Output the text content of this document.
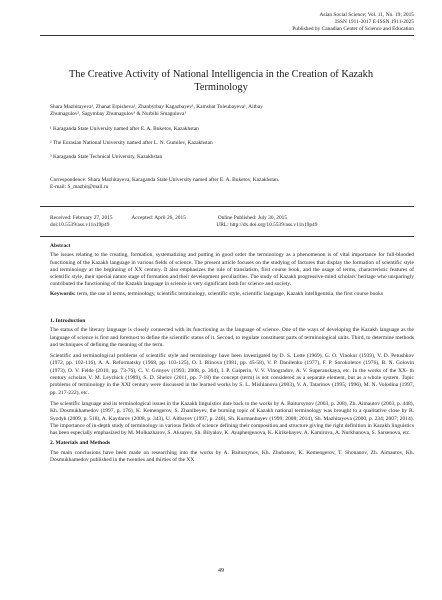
Asian Social Science; Vol. 11, No. 19; 2015
ISSN 1911-2017 E-ISSN 1911-2025
Published by Canadian Center of Science and Education
The Creative Activity of National Intelligencia in the Creation of Kazakh Terminology
Shara Mazhitayeva¹, Zhanat Erpisheva¹, Zhanbyrbay Kagazbayev¹, Kamshat Tolеubayeva¹, Aitbay
Zhumagulov², Sagymbay Zhumagulov³ & Nurbibi Smagulova¹
¹ Karaganda State University named after E. A. Buketov, Kazakhstan
² The Eurasian National University named after L. N. Gumilev, Kazakhstan
³ Karaganda State Technical University, Kazakhstan
Correspondence: Shara Mazhitayeva, Karaganda State University named after E. A. Buketov, Kazakhstan.
E-mail: S_mazhit@mail.ru
Received: February 27, 2015	Accepted: April 26, 2015	Online Published: July 30, 2015
doi:10.5539/ass.v11n19p49	URL: http://dx.doi.org/10.5539/ass.v11n19p49

Abstract

The issues relating to the creating, formation, systematizing and putting in good order the terminology as a phenomenon is of vital importance for full-blooded functioning of the Kazakh language in various fields of science. The present article focuses on the studying of factures that display the formation of scientific style and terminology at the beginning of XX century. It also emphasizes the rule of translatism, first course book, and the usage of terms, characteristic features of scientific style, their special nature stage of formation and their development peculiarities. The study of Kazakh progressive-mind scholars' heritage who unsparingly contributed the functioning of the Kazakh language in science is very significant both for science and society.

Keywords: term, the use of terms, terminology, scientific terminology, scientific style, scientific language, Kazakh intelligentsia, the first course books

1. Introduction

The status of the literary language is closely connected with its functioning as the language of science. One of the ways of developing the Kazakh language as the language of science is first and foremost to define the scientific status of it. Second, to regulate constituent parts of terminological units. Third, to determine methods and techniques of defining the meaning of the term.

Scientific and terminological problems of scientific style and terminology have been investigated by D. S. Lotte (1969), G. O. Vinokur (1939), V. D. Petushkov (1972, pp. 102-116), A. A. Reformatsky (1968, pp. 103-125), O. I. Blinova (1981, pp. 45-58), V. P. Danilenko (1977), F. P. Sorokoletov (1976), B. N. Golovin (1973), O. V. Felde (2010, pp. 73-76), C. V. Grinyev (1993; 2008, p. 304), I. P. Galperin, V. V. Vinogradov, A. V. Superanskaya, etc. In the works of the XX- th century scholars V. M. Leychick (1989), S. D. Shelov (2011, pp. 7-18) the concept (term) is not considered as a separate element, but as a whole system. Topic problems of terminology in the XXI century were discussed in the learned works by S. L. Mishlanova (2003), V. A. Tatarinov (1995; 1996), M. N. Volodina (1997, pp. 217-222), etc.

The scientific language and its terminological issues in the Kazakh linguistics date back to the works by A. Baitursynov (2003, p. 208), Zh. Aimautov (2003, p. 448), Kh. Dosmukhamedov (1997, p. 176), K. Kemengerov, S. Zhanibeyev, the burning topic of Kazakh national terminology was brought to a qualitative close by R. Syzdyk (2009, p. 518), A. Kaydarov (2008, p. 343), U. Aitbayev (1997, p. 240), Sh. Kurmanbayev (1999; 2008; 2014), Sh. Mazhitayeva (2000, p. 234; 2007; 2014). The importance of in-depth study of terminology in various fields of science defining their composition and structure giving the right definition in Kazakh linguistics has been especially emphasized by M. Molkazharov, S. Aksayev, Sh. Bilyalov, K. Ayaphergenova, K. Kirikebayev, A. Kamirova, A. Nurkhanova, S. Sarsenova, etc.

2. Materials and Methods

The main conclusions have been made on researching into the works by A. Baitursynov, Kh. Zhubanov, K. Kemengerov, T. Shonanov, Zh. Aimautov, Kh. Dosmukhamedov published in the twenties and thirties of the XX

49
